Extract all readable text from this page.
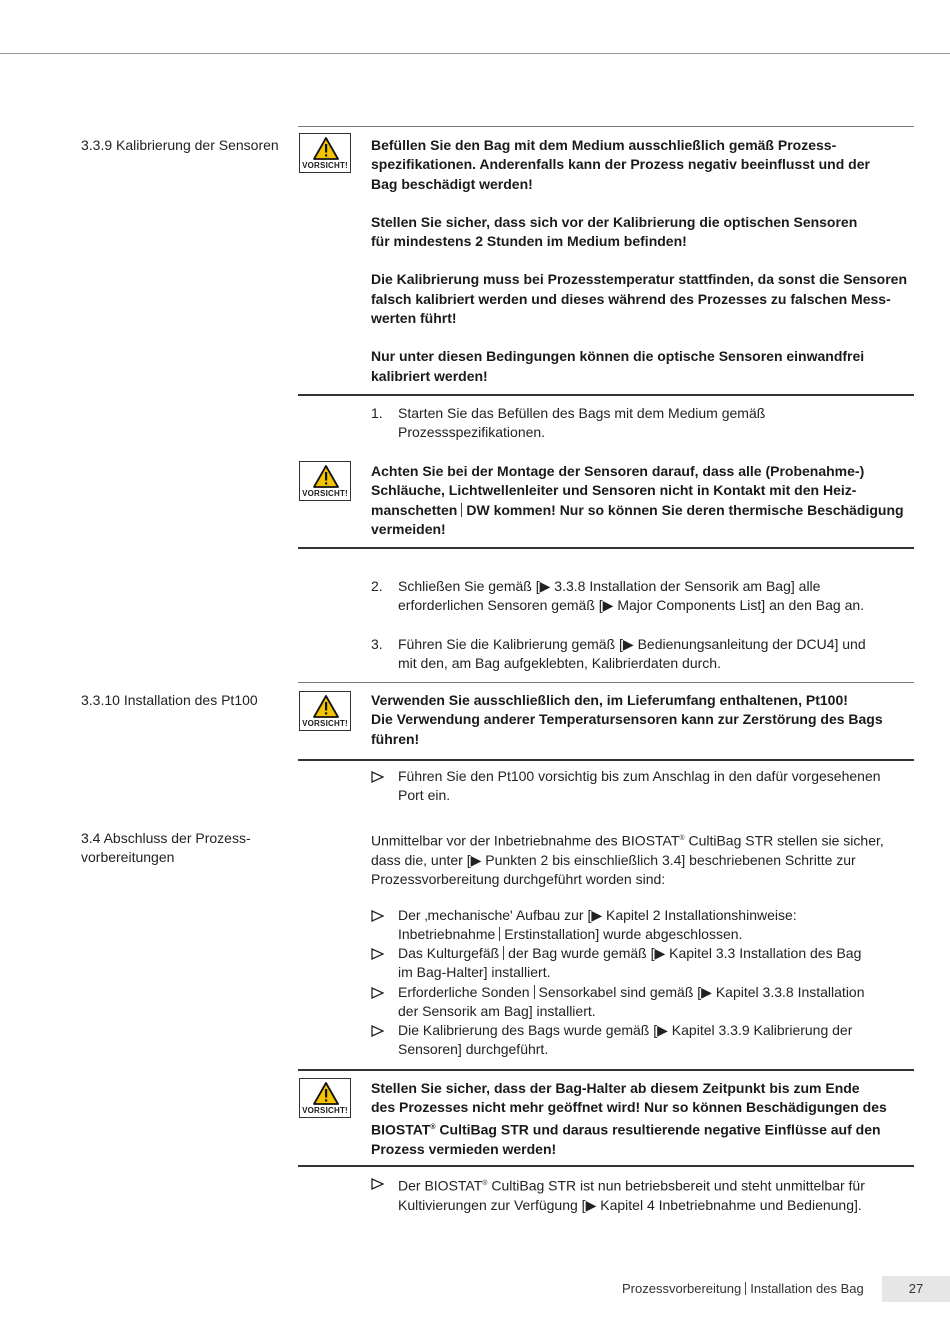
3.3.9 Kalibrierung der Sensoren
VORSICHT!

Befüllen Sie den Bag mit dem Medium ausschließlich gemäß Prozess-

spezifikationen. Anderenfalls kann der Prozess negativ beeinflusst und der

Bag beschädigt werden!

Stellen Sie sicher, dass sich vor der Kalibrierung die optischen Sensoren

für mindestens 2 Stunden im Medium befinden!

Die Kalibrierung muss bei Prozesstemperatur stattfinden, da sonst die Sensoren

falsch kalibriert werden und dieses während des Prozesses zu falschen Mess-

werten führt!

Nur unter diesen Bedingungen können die optische Sensoren einwandfrei

kalibriert werden!

1. Starten Sie das Befüllen des Bags mit dem Medium gemäß

Prozessspezifikationen.

VORSICHT!

Achten Sie bei der Montage der Sensoren darauf, dass alle (Probenahme-)

Schläuche, Lichtwellenleiter und Sensoren nicht in Kontakt mit den Heiz-

manschetten DW kommen! Nur so können Sie deren thermische Beschädigung

vermeiden!

2. Schließen Sie gemäß [▶ 3.3.8 Installation der Sensorik am Bag] alle

erforderlichen Sensoren gemäß [▶ Major Components List] an den Bag an.

3. Führen Sie die Kalibrierung gemäß [▶ Bedienungsanleitung der DCU4] und

mit den, am Bag aufgeklebten, Kalibrierdaten durch.

3.3.10 Installation des Pt100
VORSICHT!

Verwenden Sie ausschließlich den, im Lieferumfang enthaltenen, Pt100!

Die Verwendung anderer Temperatursensoren kann zur Zerstörung des Bags

führen!

Führen Sie den Pt100 vorsichtig bis zum Anschlag in den dafür vorgesehenen

Port ein.

3.4 Abschluss der Prozess-

vorbereitungen

Unmittelbar vor der Inbetriebnahme des BIOSTAT® CultiBag STR stellen sie sicher,

dass die, unter [▶ Punkten 2 bis einschließlich 3.4] beschriebenen Schritte zur

Prozessvorbereitung durchgeführt worden sind:

Der ‚mechanische' Aufbau zur [▶ Kapitel 2 Installationshinweise:

Inbetriebnahme Erstinstallation] wurde abgeschlossen.

Das Kulturgefäß der Bag wurde gemäß [▶ Kapitel 3.3 Installation des Bag

im Bag-Halter] installiert.

Erforderliche Sonden Sensorkabel sind gemäß [▶ Kapitel 3.3.8 Installation

der Sensorik am Bag] installiert.

Die Kalibrierung des Bags wurde gemäß [▶ Kapitel 3.3.9 Kalibrierung der

Sensoren] durchgeführt.

VORSICHT!

Stellen Sie sicher, dass der Bag-Halter ab diesem Zeitpunkt bis zum Ende

des Prozesses nicht mehr geöffnet wird! Nur so können Beschädigungen des

BIOSTAT® CultiBag STR und daraus resultierende negative Einflüsse auf den

Prozess vermieden werden!

Der BIOSTAT® CultiBag STR ist nun betriebsbereit und steht unmittelbar für

Kultivierungen zur Verfügung [▶ Kapitel 4 Inbetriebnahme und Bedienung].

Prozessvorbereitung Installation des Bag	27
